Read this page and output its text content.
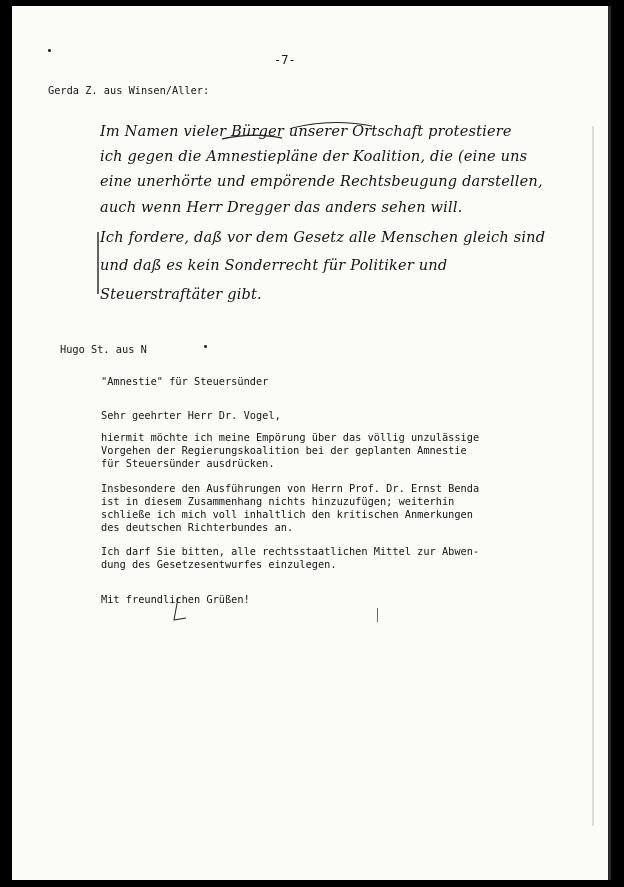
-7-
Gerda Z. aus Winsen/Aller:
Im Namen vieler Bürger unserer Ortschaft protestiere
ich gegen die Amnestiepläne der Koalition, die (eine uns
eine unerhörte und empörende Rechtsbeugung darstellen,
auch wenn Herr Dregger das anders sehen will.
Ich fordere, daß vor dem Gesetz alle Menschen gleich sind
und daß es kein Sonderrecht für Politiker und
Steuerstraftäter gibt.
Hugo St. aus N
"Amnestie" für Steuersünder
Sehr geehrter Herr Dr. Vogel,
hiermit möchte ich meine Empörung über das völlig unzulässige
Vorgehen der Regierungskoalition bei der geplanten Amnestie
für Steuersünder ausdrücken.
Insbesondere den Ausführungen von Herrn Prof. Dr. Ernst Benda
ist in diesem Zusammenhang nichts hinzuzufügen; weiterhin
schließe ich mich voll inhaltlich den kritischen Anmerkungen
des deutschen Richterbundes an.
Ich darf Sie bitten, alle rechtsstaatlichen Mittel zur Abwen-
dung des Gesetzesentwurfes einzulegen.
Mit freundlichen Grüßen!
